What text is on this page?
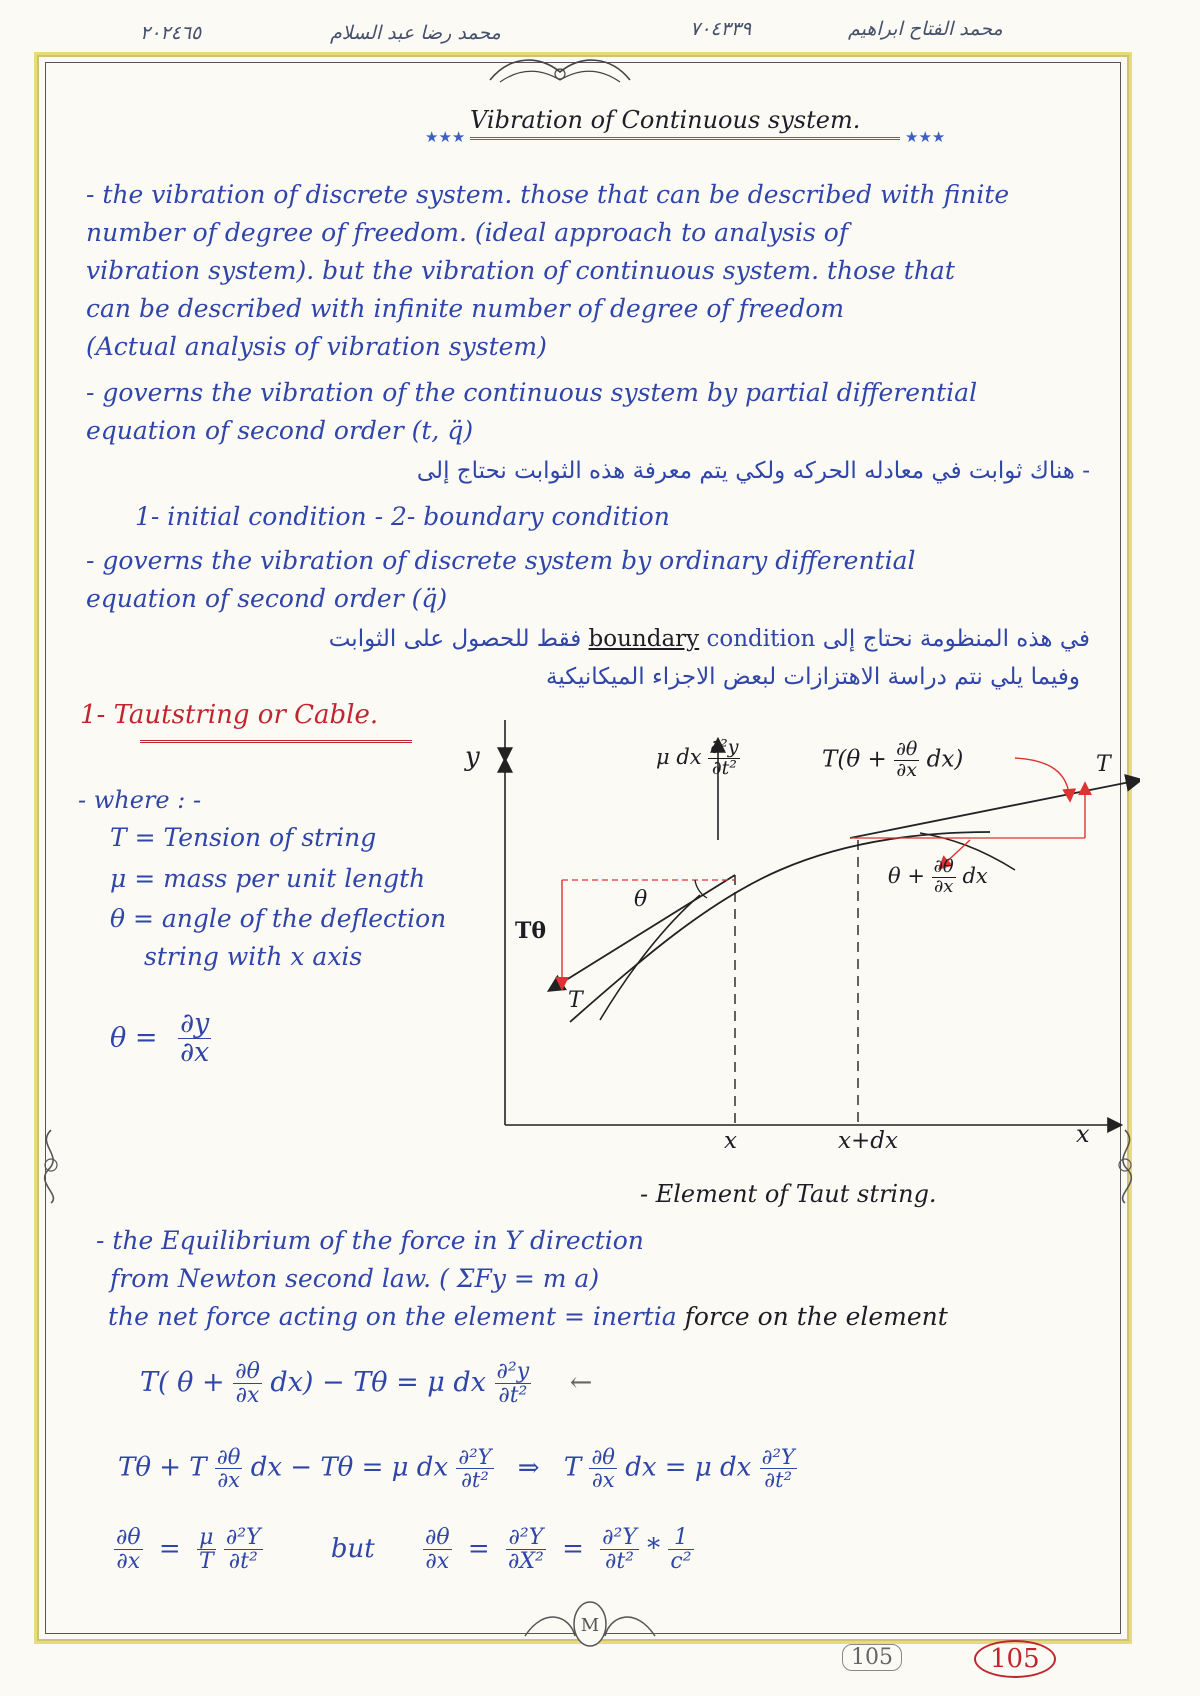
٢٠٢٤٦٥	محمد رضا عبد السلام	٧٠٤٣٣٩	محمد الفتاح ابراهيم
M
Vibration of Continuous system.
★★★	★★★
- the vibration of discrete system. those that can be described with finite
number of degree of freedom. (ideal approach to analysis of
vibration system). but the vibration of continuous system. those that
can be described with infinite number of degree of freedom
(Actual analysis of vibration system)
- governs the vibration of the continuous system by partial differential
equation of second order (t, q̈)
- هناك ثوابت في معادله الحركه ولكي يتم معرفة هذه الثوابت نحتاج إلى
1- initial condition - 2- boundary condition
- governs the vibration of discrete system by ordinary differential
equation of second order (q̈)
في هذه المنظومة نحتاج إلى boundary condition فقط للحصول على الثوابت
وفيما يلي نتم دراسة الاهتزازات لبعض الاجزاء الميكانيكية
1- Tautstring or Cable.
- where : -
T = Tension of string
μ = mass per unit length
θ = angle of the deflection
string with x axis
$\theta = \frac{\partial y}{\partial x}$
y
x
x	x+dx
Tθ
T
θ
T
μ dx $\frac{\text{∂²y}}{\text{∂t²}}$	$T(\theta + \frac{\partial\theta}{\partial x} dx)$
$\theta + \frac{\partial\theta}{\partial x}$ dx
- Element of Taut string.
- the Equilibrium of the force in Y direction
from Newton second law. ( ΣFy = m a)
the net force acting on the element = inertia force on the element
T( $\theta + \frac{\partial\theta}{\partial x} dx) - T\theta = \mu$ dx $\frac{\text{∂²y}}{\text{∂t²}}$ ←
Tθ + T $\frac{\partial\theta}{\partial x}$ dx − Tθ = μ dx $\frac{\text{∂²Y}}{\text{∂t²}}$ ⇒ T $\frac{\partial\theta}{\partial x}$ dx = μ dx $\frac{\text{∂²Y}}{\text{∂t²}}$
$\frac{\partial\theta}{\partial x} = \frac{\mu}{T}$
$\frac{\text{∂²Y}}{\text{∂t²}}$	but $\frac{\partial\theta}{\partial x} = \frac{\text{∂²Y}}{\text{∂X²}} = \frac{\text{∂²Y}}{\text{∂t²}} * \frac{1}{\text{c²}}$
105	105
